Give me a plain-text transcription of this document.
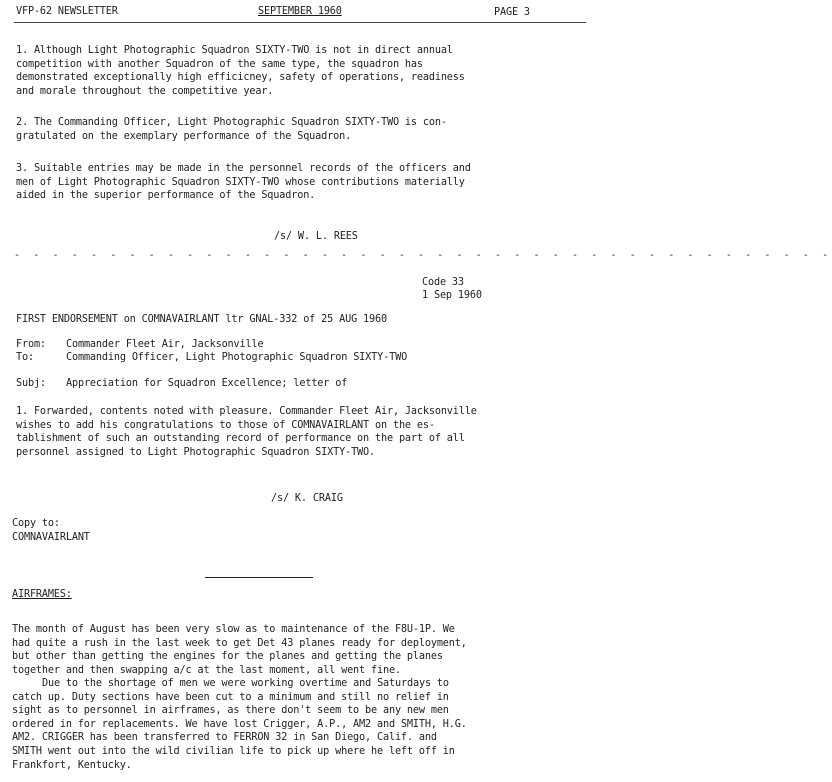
VFP-62 NEWSLETTER	SEPTEMBER 1960	PAGE 3
1. Although Light Photographic Squadron SIXTY-TWO is not in direct annual
competition with another Squadron of the same type, the squadron has
demonstrated exceptionally high efficicney, safety of operations, readiness
and morale throughout the competitive year.
2. The Commanding Officer, Light Photographic Squadron SIXTY-TWO is con-
gratulated on the exemplary performance of the Squadron.
3. Suitable entries may be made in the personnel records of the officers and
men of Light Photographic Squadron SIXTY-TWO whose contributions materially
aided in the superior performance of the Squadron.
/s/ W. L. REES
- - - - - - - - - - - - - - - - - - - - - - - - - - - - - - - - - - - - - - - - - - -
Code 33
1 Sep 1960
FIRST ENDORSEMENT on COMNAVAIRLANT ltr GNAL-332 of 25 AUG 1960
From: Commander Fleet Air, Jacksonville
To:	Commanding Officer, Light Photographic Squadron SIXTY-TWO
Subj: Appreciation for Squadron Excellence; letter of
1. Forwarded, contents noted with pleasure. Commander Fleet Air, Jacksonville
wishes to add his congratulations to those of COMNAVAIRLANT on the es-
tablishment of such an outstanding record of performance on the part of all
personnel assigned to Light Photographic Squadron SIXTY-TWO.
/s/ K. CRAIG
Copy to:
COMNAVAIRLANT
AIRFRAMES:
The month of August has been very slow as to maintenance of the F8U-1P. We
had quite a rush in the last week to get Det 43 planes ready for deployment,
but other than getting the engines for the planes and getting the planes
together and then swapping a/c at the last moment, all went fine.
Due to the shortage of men we were working overtime and Saturdays to
catch up. Duty sections have been cut to a minimum and still no relief in
sight as to personnel in airframes, as there don't seem to be any new men
ordered in for replacements. We have lost Crigger, A.P., AM2 and SMITH, H.G.
AM2. CRIGGER has been transferred to FERRON 32 in San Diego, Calif. and
SMITH went out into the wild civilian life to pick up where he left off in
Frankfort, Kentucky.
